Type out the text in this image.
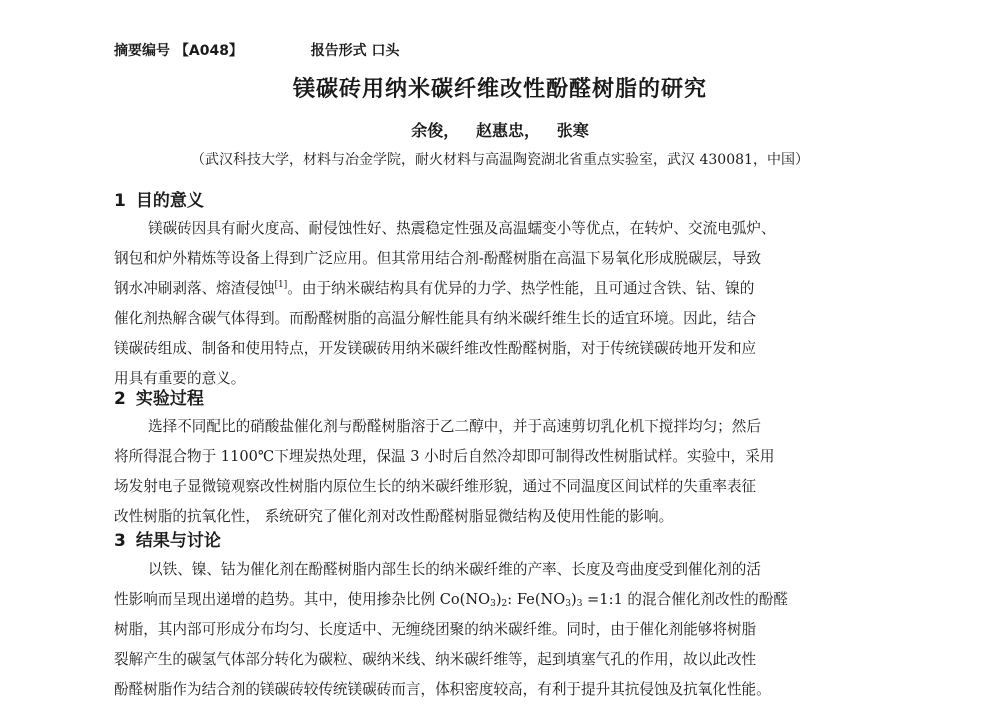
摘要编号 【A048】	报告形式 口头
镁碳砖用纳米碳纤维改性酚醛树脂的研究
余俊，   赵惠忠，   张寒
（武汉科技大学，材料与冶金学院，耐火材料与高温陶瓷湖北省重点实验室，武汉 430081，中国）
1 目的意义
镁碳砖因具有耐火度高、耐侵蚀性好、热震稳定性强及高温蠕变小等优点，在转炉、交流电弧炉、
钢包和炉外精炼等设备上得到广泛应用。但其常用结合剂-酚醛树脂在高温下易氧化形成脱碳层，导致
钢水冲刷剥落、熔渣侵蚀[1]。由于纳米碳结构具有优异的力学、热学性能，且可通过含铁、钴、镍的
催化剂热解含碳气体得到。而酚醛树脂的高温分解性能具有纳米碳纤维生长的适宜环境。因此，结合
镁碳砖组成、制备和使用特点，开发镁碳砖用纳米碳纤维改性酚醛树脂，对于传统镁碳砖地开发和应
用具有重要的意义。
2 实验过程
选择不同配比的硝酸盐催化剂与酚醛树脂溶于乙二醇中，并于高速剪切乳化机下搅拌均匀；然后
将所得混合物于 1100℃下埋炭热处理，保温 3 小时后自然冷却即可制得改性树脂试样。实验中，采用
场发射电子显微镜观察改性树脂内原位生长的纳米碳纤维形貌，通过不同温度区间试样的失重率表征
改性树脂的抗氧化性， 系统研究了催化剂对改性酚醛树脂显微结构及使用性能的影响。
3 结果与讨论
以铁、镍、钴为催化剂在酚醛树脂内部生长的纳米碳纤维的产率、长度及弯曲度受到催化剂的活
性影响而呈现出递增的趋势。其中，使用掺杂比例 $Co(NO_3)_2$: $Fe(NO_3)_3$ =1:1 的混合催化剂改性的酚醛
树脂，其内部可形成分布均匀、长度适中、无缠绕团聚的纳米碳纤维。同时，由于催化剂能够将树脂
裂解产生的碳氢气体部分转化为碳粒、碳纳米线、纳米碳纤维等，起到填塞气孔的作用，故以此改性
酚醛树脂作为结合剂的镁碳砖较传统镁碳砖而言，体积密度较高，有利于提升其抗侵蚀及抗氧化性能。
